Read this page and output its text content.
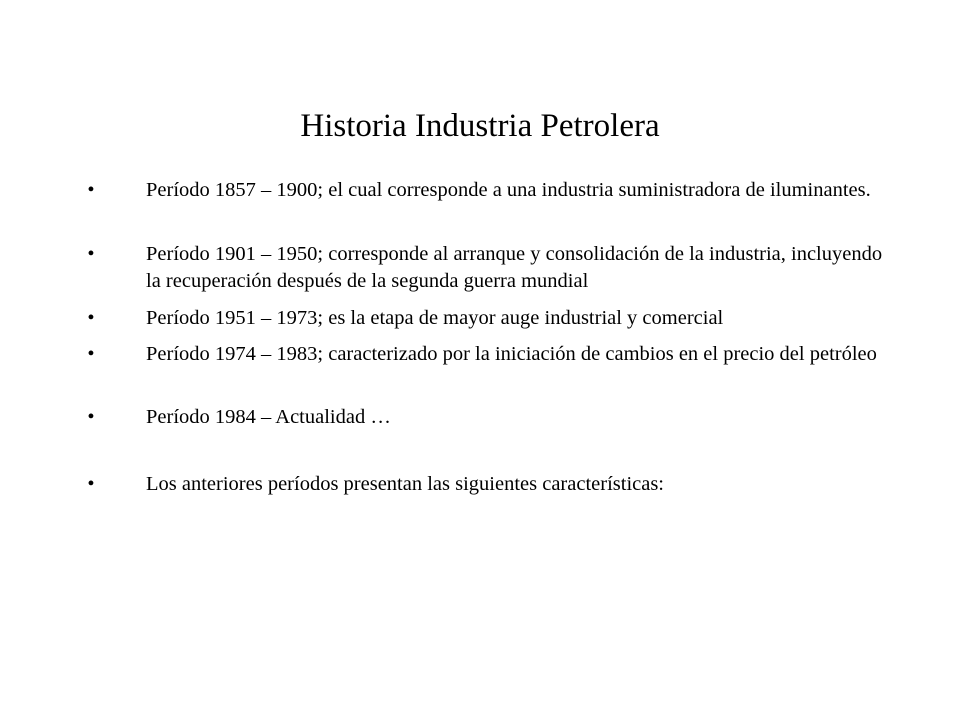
Historia Industria Petrolera
•	Período 1857 – 1900; el cual corresponde a una industria suministradora de iluminantes.
•	Período 1901 – 1950; corresponde al arranque y consolidación de la industria, incluyendo la recuperación después de la segunda guerra mundial
•	Período 1951 – 1973; es la etapa de mayor auge industrial y comercial
•	Período 1974 – 1983; caracterizado por la iniciación de cambios en el precio del petróleo
•	Período 1984 – Actualidad …
•	Los anteriores períodos presentan las siguientes características:
